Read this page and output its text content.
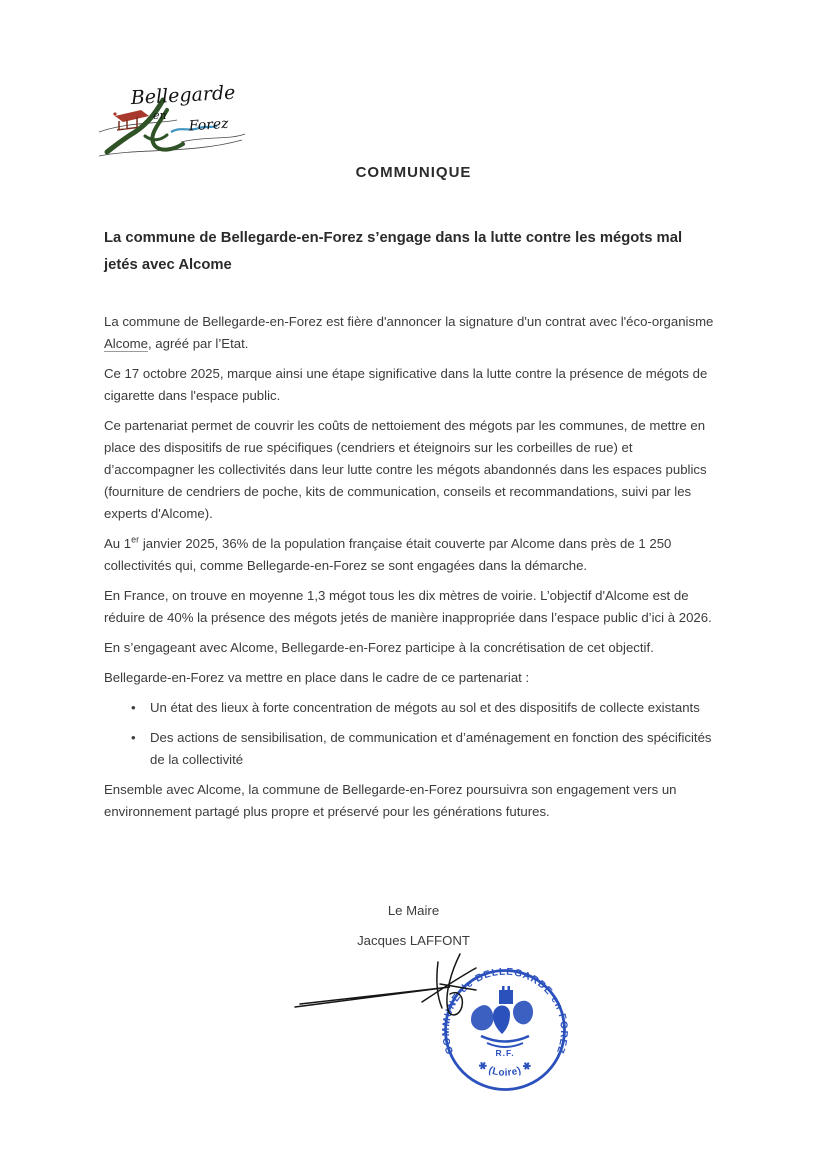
Bellegarde
en
Forez
COMMUNIQUE
La commune de Bellegarde-en-Forez s’engage dans la lutte contre les mégots mal jetés avec Alcome

La commune de Bellegarde-en-Forez est fière d'annoncer la signature d'un contrat avec l'éco-organisme Alcome, agréé par l’Etat.

Ce 17 octobre 2025, marque ainsi une étape significative dans la lutte contre la présence de mégots de cigarette dans l'espace public.

Ce partenariat permet de couvrir les coûts de nettoiement des mégots par les communes, de mettre en place des dispositifs de rue spécifiques (cendriers et éteignoirs sur les corbeilles de rue) et d’accompagner les collectivités dans leur lutte contre les mégots abandonnés dans les espaces publics (fourniture de cendriers de poche, kits de communication, conseils et recommandations, suivi par les experts d'Alcome).

Au 1er janvier 2025, 36% de la population française était couverte par Alcome dans près de 1 250 collectivités qui, comme Bellegarde-en-Forez se sont engagées dans la démarche.

En France, on trouve en moyenne 1,3 mégot tous les dix mètres de voirie. L’objectif d'Alcome est de réduire de 40% la présence des mégots jetés de manière inappropriée dans l’espace public d’ici à 2026.

En s’engageant avec Alcome, Bellegarde-en-Forez participe à la concrétisation de cet objectif.

Bellegarde-en-Forez va mettre en place dans le cadre de ce partenariat :

• Un état des lieux à forte concentration de mégots au sol et des dispositifs de collecte existants
• Des actions de sensibilisation, de communication et d’aménagement en fonction des spécificités de la collectivité

Ensemble avec Alcome, la commune de Bellegarde-en-Forez poursuivra son engagement vers un environnement partagé plus propre et préservé pour les générations futures.

Le Maire
Jacques LAFFONT
COMMUNE de BELLEGARDE en FOREZ
✱ (Loire) ✱
R.F.
